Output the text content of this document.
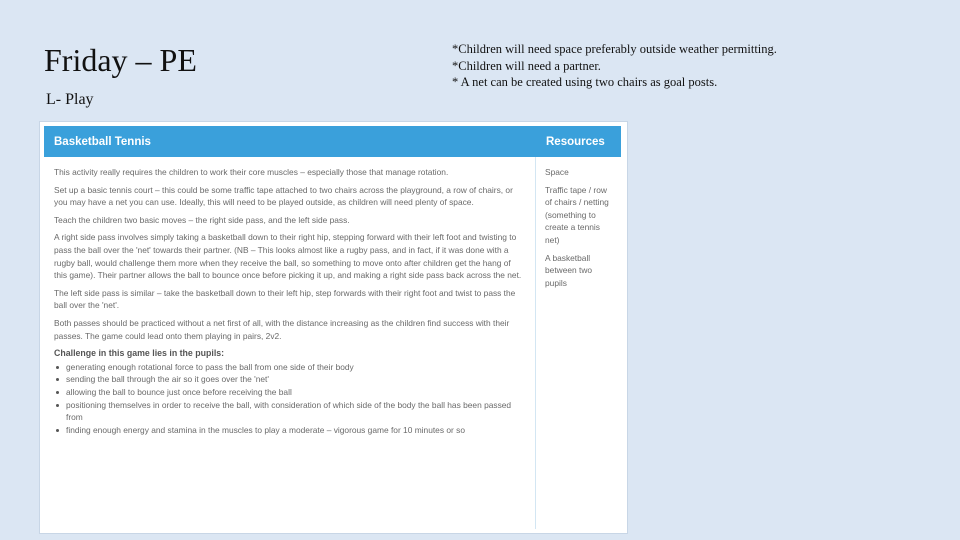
Friday – PE
L- Play
*Children will need space preferably outside weather permitting.
*Children will need a partner.
* A net can be created using two chairs as goal posts.
Basketball Tennis	Resources

This activity really requires the children to work their core muscles – especially those that manage rotation.

Set up a basic tennis court – this could be some traffic tape attached to two chairs across the playground, a row of chairs, or you may have a net you can use. Ideally, this will need to be played outside, as children will need plenty of space.

Teach the children two basic moves – the right side pass, and the left side pass.

A right side pass involves simply taking a basketball down to their right hip, stepping forward with their left foot and twisting to pass the ball over the 'net' towards their partner. (NB – This looks almost like a rugby pass, and in fact, if it was done with a rugby ball, would challenge them more when they receive the ball, so something to move onto after children get the hang of this game). Their partner allows the ball to bounce once before picking it up, and making a right side pass back across the net.

The left side pass is similar – take the basketball down to their left hip, step forwards with their right foot and twist to pass the ball over the 'net'.

Both passes should be practiced without a net first of all, with the distance increasing as the children find success with their passes. The game could lead onto them playing in pairs, 2v2.

Challenge in this game lies in the pupils:
generating enough rotational force to pass the ball from one side of their body
sending the ball through the air so it goes over the 'net'
allowing the ball to bounce just once before receiving the ball
positioning themselves in order to receive the ball, with consideration of which side of the body the ball has been passed from
finding enough energy and stamina in the muscles to play a moderate – vigorous game for 10 minutes or so

Space

Traffic tape / row of chairs / netting (something to create a tennis net)

A basketball between two pupils
